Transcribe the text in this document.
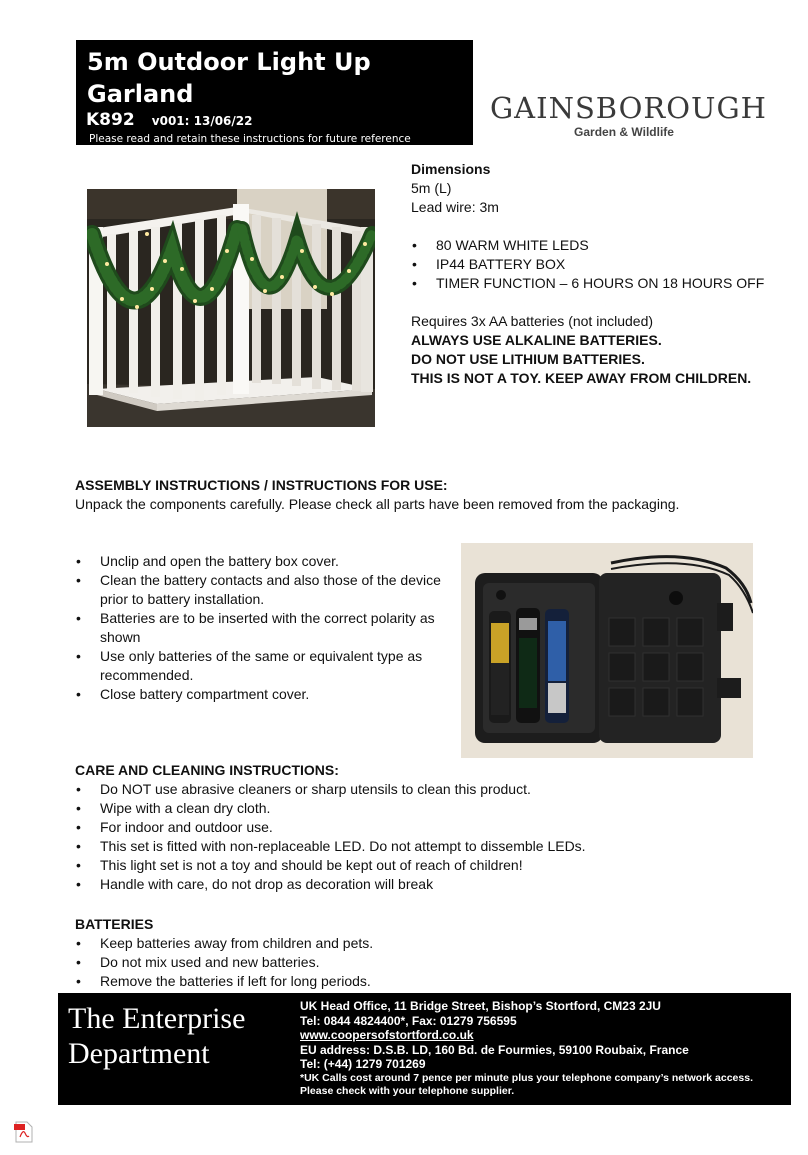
5m Outdoor Light Up Garland
K892 v001: 13/06/22
Please read and retain these instructions for future reference
GAINSBOROUGH
Garden & Wildlife
Dimensions
5m (L)
Lead wire: 3m
• 80 WARM WHITE LEDS
• IP44 BATTERY BOX
• TIMER FUNCTION – 6 HOURS ON 18 HOURS OFF
Requires 3x AA batteries (not included)
ALWAYS USE ALKALINE BATTERIES.
DO NOT USE LITHIUM BATTERIES.
THIS IS NOT A TOY. KEEP AWAY FROM CHILDREN.
ASSEMBLY INSTRUCTIONS / INSTRUCTIONS FOR USE:
Unpack the components carefully. Please check all parts have been removed from the packaging.
• Unclip and open the battery box cover.
• Clean the battery contacts and also those of the device prior to battery installation.
• Batteries are to be inserted with the correct polarity as shown
• Use only batteries of the same or equivalent type as recommended.
• Close battery compartment cover.
CARE AND CLEANING INSTRUCTIONS:
• Do NOT use abrasive cleaners or sharp utensils to clean this product.
• Wipe with a clean dry cloth.
• For indoor and outdoor use.
• This set is fitted with non-replaceable LED. Do not attempt to dissemble LEDs.
• This light set is not a toy and should be kept out of reach of children!
• Handle with care, do not drop as decoration will break
BATTERIES
• Keep batteries away from children and pets.
• Do not mix used and new batteries.
• Remove the batteries if left for long periods.
The Enterprise
Department
UK Head Office, 11 Bridge Street, Bishop’s Stortford, CM23 2JU
Tel: 0844 4824400*, Fax: 01279 756595
www.coopersofstortford.co.uk
EU address: D.S.B. LD, 160 Bd. de Fourmies, 59100 Roubaix, France
Tel: (+44) 1279 701269
*UK Calls cost around 7 pence per minute plus your telephone company’s network access.
Please check with your telephone supplier.
